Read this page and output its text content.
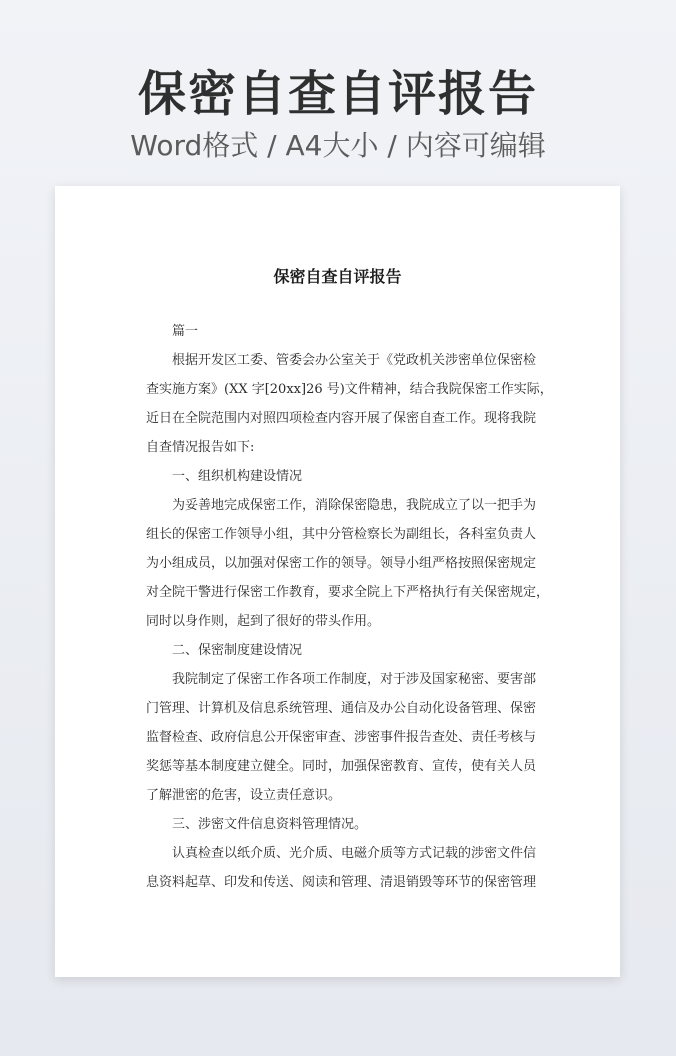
保密自查自评报告
Word格式 / A4大小 / 内容可编辑
保密自查自评报告
篇一
根据开发区工委、管委会办公室关于《党政机关涉密单位保密检
查实施方案》(XX 字[20xx]26 号)文件精神，结合我院保密工作实际，
近日在全院范围内对照四项检查内容开展了保密自查工作。现将我院
自查情况报告如下:
一、组织机构建设情况
为妥善地完成保密工作，消除保密隐患，我院成立了以一把手为
组长的保密工作领导小组，其中分管检察长为副组长，各科室负责人
为小组成员，以加强对保密工作的领导。领导小组严格按照保密规定
对全院干警进行保密工作教育，要求全院上下严格执行有关保密规定，
同时以身作则，起到了很好的带头作用。
二、保密制度建设情况
我院制定了保密工作各项工作制度，对于涉及国家秘密、要害部
门管理、计算机及信息系统管理、通信及办公自动化设备管理、保密
监督检查、政府信息公开保密审查、涉密事件报告查处、责任考核与
奖惩等基本制度建立健全。同时，加强保密教育、宣传，使有关人员
了解泄密的危害，设立责任意识。
三、涉密文件信息资料管理情况。
认真检查以纸介质、光介质、电磁介质等方式记载的涉密文件信
息资料起草、印发和传送、阅读和管理、清退销毁等环节的保密管理
